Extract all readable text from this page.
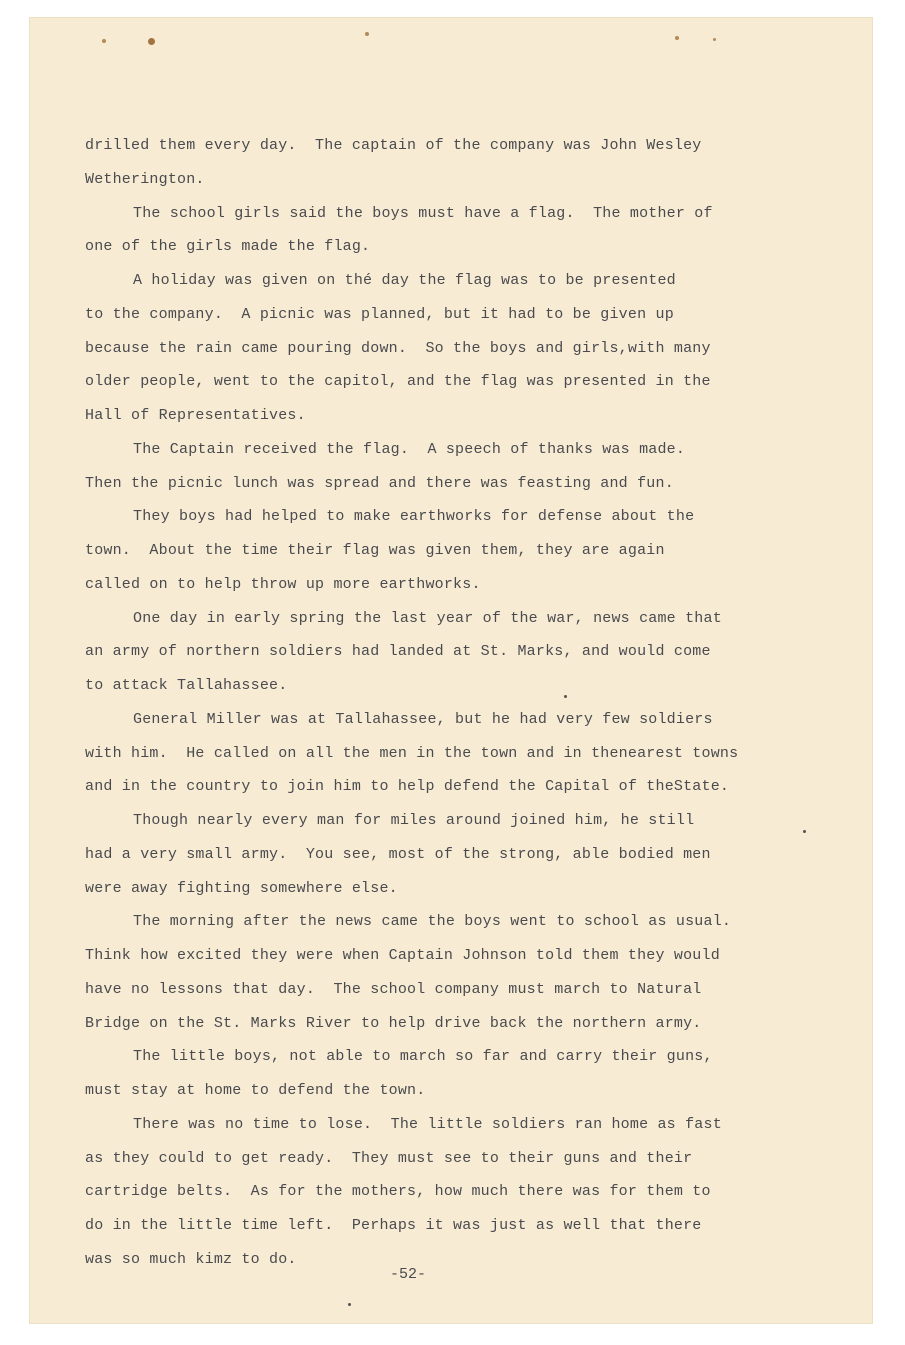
drilled them every day.  The captain of the company was John Wesley
Wetherington.
The school girls said the boys must have a flag.  The mother of
one of the girls made the flag.
A holiday was given on thé day the flag was to be presented
to the company.  A picnic was planned, but it had to be given up
because the rain came pouring down.  So the boys and girls,with many
older people, went to the capitol, and the flag was presented in the
Hall of Representatives.
The Captain received the flag.  A speech of thanks was made.
Then the picnic lunch was spread and there was feasting and fun.
They boys had helped to make earthworks for defense about the
town.  About the time their flag was given them, they are again
called on to help throw up more earthworks.
One day in early spring the last year of the war, news came that
an army of northern soldiers had landed at St. Marks, and would come
to attack Tallahassee.
General Miller was at Tallahassee, but he had very few soldiers
with him.  He called on all the men in the town and in thenearest towns
and in the country to join him to help defend the Capital of theState.
Though nearly every man for miles around joined him, he still
had a very small army.  You see, most of the strong, able bodied men
were away fighting somewhere else.
The morning after the news came the boys went to school as usual.
Think how excited they were when Captain Johnson told them they would
have no lessons that day.  The school company must march to Natural
Bridge on the St. Marks River to help drive back the northern army.
The little boys, not able to march so far and carry their guns,
must stay at home to defend the town.
There was no time to lose.  The little soldiers ran home as fast
as they could to get ready.  They must see to their guns and their
cartridge belts.  As for the mothers, how much there was for them to
do in the little time left.  Perhaps it was just as well that there
was so much kimz to do.
-52-
